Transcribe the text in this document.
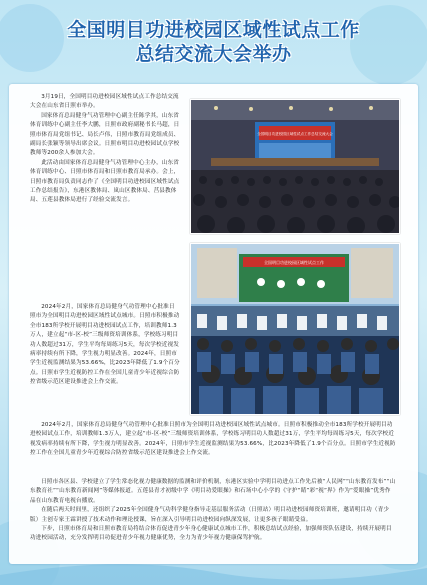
全国明目功进校园区域性试点工作
总结交流大会举办

3月19日，全国明目功进校园区域性试点工作总结交流大会在山东省日照市举办。

国家体育总局健身气功管理中心副主任陈学其，山东省体育训练中心副主任李大鹏，日照市政府副秘书长马超，日照市体育局党组书记、局长卢伟，日照市教育局党组成员、副局长张颖等领导出席会议。日照市明目功进校园试点学校教师等200余人参加大会。

此活动由国家体育总局健身气功管理中心主办，山东省体育训练中心、日照市体育局和日照市教育局承办。会上，日照市教育局负责同志作了《全国明目功进校园区域性试点工作总结报告》，东港区教体局、岚山区教体局、莒县教体局、五莲县教体局进行了经验交流发言。

2024年2月，国家体育总局健身气功管理中心批准日照市为全国明目功进校园区域性试点城市。日照市积极推动全市183所学校开展明目功进校园试点工作，培训教师1.3万人，建立起“市-区-校”三级师资培训体系，学校练习明目功人数超过31万，学生平均每周练习5天，每次学校近视发病率持续有所下降，学生视力明显改善。2024年，日照市学生近视监测结果为53.66%，比2023年降低了1.9个百分点。日照市学生近视防控工作在全国儿童青少年近视综合防控省级示范区建设推进会上作交流。

2024年2月，国家体育总局健身气功管理中心批准日照市为全国明目功进校园区域性试点城市。日照市积极推动全市183所学校开展明目功进校园试点工作，培训教师1.3万人，建立起“市-区-校”三级师资培训体系，学校练习明目功人数超过31万，学生平均每周练习5天，每次学校近视发病率持续有所下降，学生视力明显改善。2024年，日照市学生近视监测结果为53.66%，比2023年降低了1.9个百分点。日照市学生近视防控工作在全国儿童青少年近视综合防控省级示范区建设推进会上作交流。

日照市各区县、学校建立了学生常态化视力健康数据的监测和评价机制，东港区实验中学明目功进点工作先后被“人民网”“山东教育发布”“山东教育社”“山东教育新闻网”等媒体报道。五莲县青才初级中学《明目功爱眼操》和石场中心小学的《守护“睛”彩“视”界》作为“爱眼操”优秀作品在山东教育电视台播放。

在随后两天时间里，还组织了2025年全国健身气功科学健身指导走基层服务活动（日照站）明目功进校园师资培训班，邀请明目功（青少版）主创专家王霖讲授了技术动作和理论授课，旨在深入引导明目功进校园向纵深发展，让更多孩子眼睛受益。

下步，日照市体育局和日照市教育局将结合体育促进青少年身心健康试点城市工作，积极总结试点经验，加强师资队伍建设，持续开展明目功进校园活动，充分发挥明目功促进青少年视力健康优势，全力为青少年视力健康保驾护航。

全国明目功进校园区域性试点工作总结交流大会
全国明目功进校园区域性试点工作
